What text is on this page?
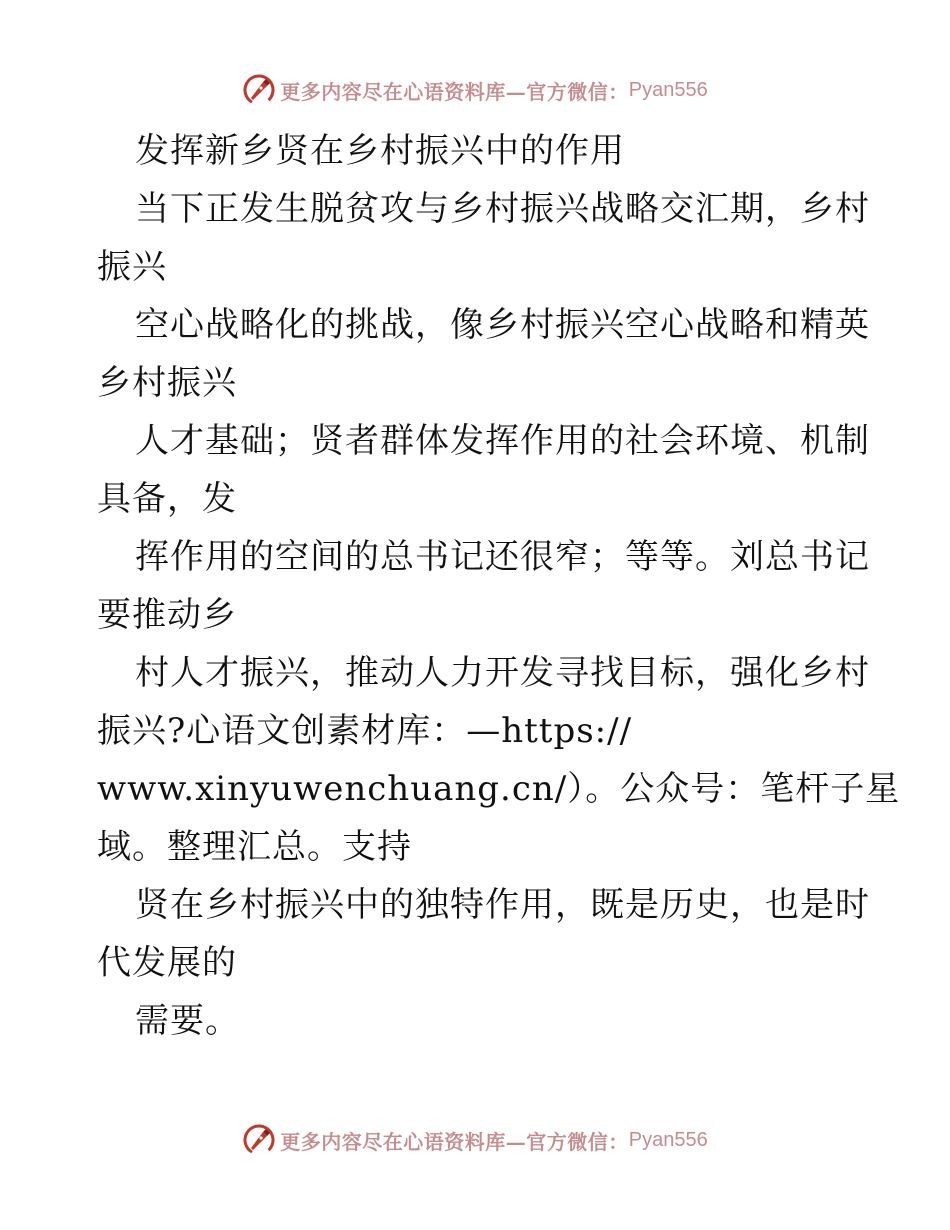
更多内容尽在心语资料库—官方微信： Pyan556
发挥新乡贤在乡村振兴中的作用
当下正发生脱贫攻与乡村振兴战略交汇期，乡村
振兴
空心战略化的挑战，像乡村振兴空心战略和精英
乡村振兴
人才基础；贤者群体发挥作用的社会环境、机制
具备，发
挥作用的空间的总书记还很窄；等等。刘总书记
要推动乡
村人才振兴，推动人力开发寻找目标，强化乡村
振兴?心语文创素材库：—https://
www.xinyuwenchuang.cn/）。公众号：笔杆子星
域。整理汇总。支持
贤在乡村振兴中的独特作用，既是历史，也是时
代发展的
需要。
更多内容尽在心语资料库—官方微信： Pyan556
